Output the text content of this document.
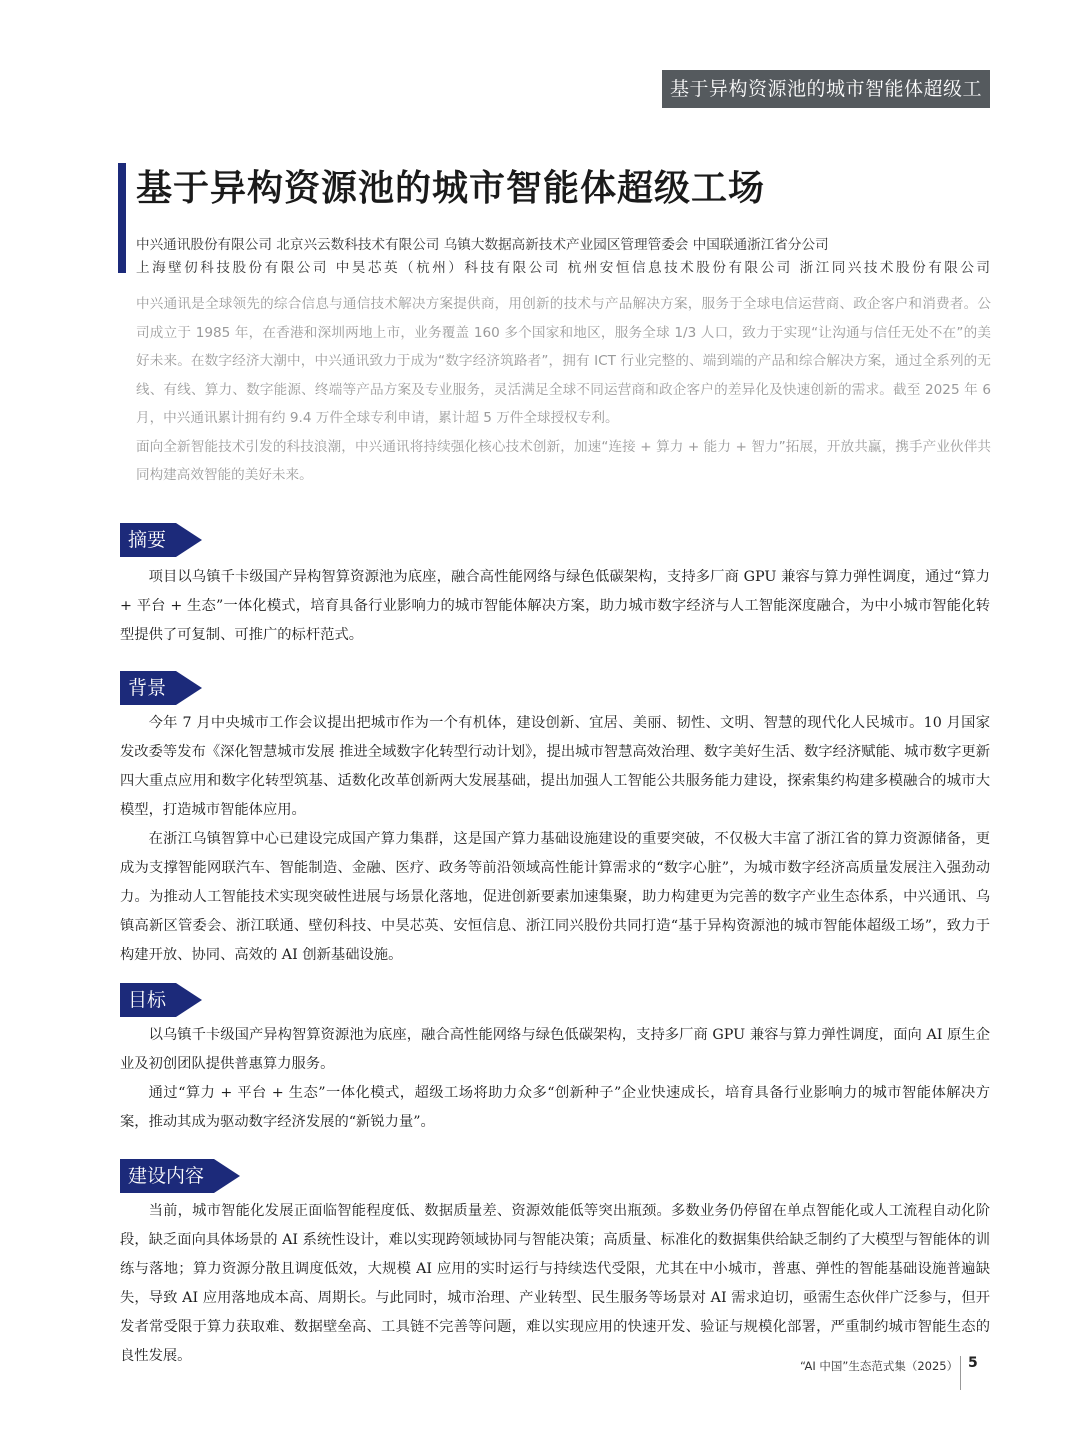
基于异构资源池的城市智能体超级工场
基于异构资源池的城市智能体超级工场
中兴通讯股份有限公司 北京兴云数科技术有限公司 乌镇大数据高新技术产业园区管理管委会 中国联通浙江省分公司
上海壁仞科技股份有限公司 中昊芯英（杭州）科技有限公司 杭州安恒信息技术股份有限公司 浙江同兴技术股份有限公司

中兴通讯是全球领先的综合信息与通信技术解决方案提供商，用创新的技术与产品解决方案，服务于全球电信运营商、政企客户和消费者。公司成立于 1985 年，在香港和深圳两地上市，业务覆盖 160 多个国家和地区，服务全球 1/3 人口，致力于实现“让沟通与信任无处不在”的美好未来。在数字经济大潮中，中兴通讯致力于成为“数字经济筑路者”，拥有 ICT 行业完整的、端到端的产品和综合解决方案，通过全系列的无线、有线、算力、数字能源、终端等产品方案及专业服务，灵活满足全球不同运营商和政企客户的差异化及快速创新的需求。截至 2025 年 6 月，中兴通讯累计拥有约 9.4 万件全球专利申请，累计超 5 万件全球授权专利。

面向全新智能技术引发的科技浪潮，中兴通讯将持续强化核心技术创新，加速“连接 + 算力 + 能力 + 智力”拓展，开放共赢，携手产业伙伴共同构建高效智能的美好未来。

摘要

项目以乌镇千卡级国产异构智算资源池为底座，融合高性能网络与绿色低碳架构，支持多厂商 GPU 兼容与算力弹性调度，通过“算力 + 平台 + 生态”一体化模式，培育具备行业影响力的城市智能体解决方案，助力城市数字经济与人工智能深度融合，为中小城市智能化转型提供了可复制、可推广的标杆范式。

背景

今年 7 月中央城市工作会议提出把城市作为一个有机体，建设创新、宜居、美丽、韧性、文明、智慧的现代化人民城市。10 月国家发改委等发布《深化智慧城市发展 推进全域数字化转型行动计划》，提出城市智慧高效治理、数字美好生活、数字经济赋能、城市数字更新四大重点应用和数字化转型筑基、适数化改革创新两大发展基础，提出加强人工智能公共服务能力建设，探索集约构建多模融合的城市大模型，打造城市智能体应用。

在浙江乌镇智算中心已建设完成国产算力集群，这是国产算力基础设施建设的重要突破，不仅极大丰富了浙江省的算力资源储备，更成为支撑智能网联汽车、智能制造、金融、医疗、政务等前沿领域高性能计算需求的“数字心脏”，为城市数字经济高质量发展注入强劲动力。为推动人工智能技术实现突破性进展与场景化落地，促进创新要素加速集聚，助力构建更为完善的数字产业生态体系，中兴通讯、乌镇高新区管委会、浙江联通、壁仞科技、中昊芯英、安恒信息、浙江同兴股份共同打造“基于异构资源池的城市智能体超级工场”，致力于构建开放、协同、高效的 AI 创新基础设施。

目标

以乌镇千卡级国产异构智算资源池为底座，融合高性能网络与绿色低碳架构，支持多厂商 GPU 兼容与算力弹性调度，面向 AI 原生企业及初创团队提供普惠算力服务。

通过“算力 + 平台 + 生态”一体化模式，超级工场将助力众多“创新种子”企业快速成长，培育具备行业影响力的城市智能体解决方案，推动其成为驱动数字经济发展的“新锐力量”。

建设内容

当前，城市智能化发展正面临智能程度低、数据质量差、资源效能低等突出瓶颈。多数业务仍停留在单点智能化或人工流程自动化阶段，缺乏面向具体场景的 AI 系统性设计，难以实现跨领域协同与智能决策；高质量、标准化的数据集供给缺乏制约了大模型与智能体的训练与落地；算力资源分散且调度低效，大规模 AI 应用的实时运行与持续迭代受限，尤其在中小城市，普惠、弹性的智能基础设施普遍缺失，导致 AI 应用落地成本高、周期长。与此同时，城市治理、产业转型、民生服务等场景对 AI 需求迫切，亟需生态伙伴广泛参与，但开发者常受限于算力获取难、数据壁垒高、工具链不完善等问题，难以实现应用的快速开发、验证与规模化部署，严重制约城市智能生态的良性发展。

“AI 中国”生态范式集（2025） 5
